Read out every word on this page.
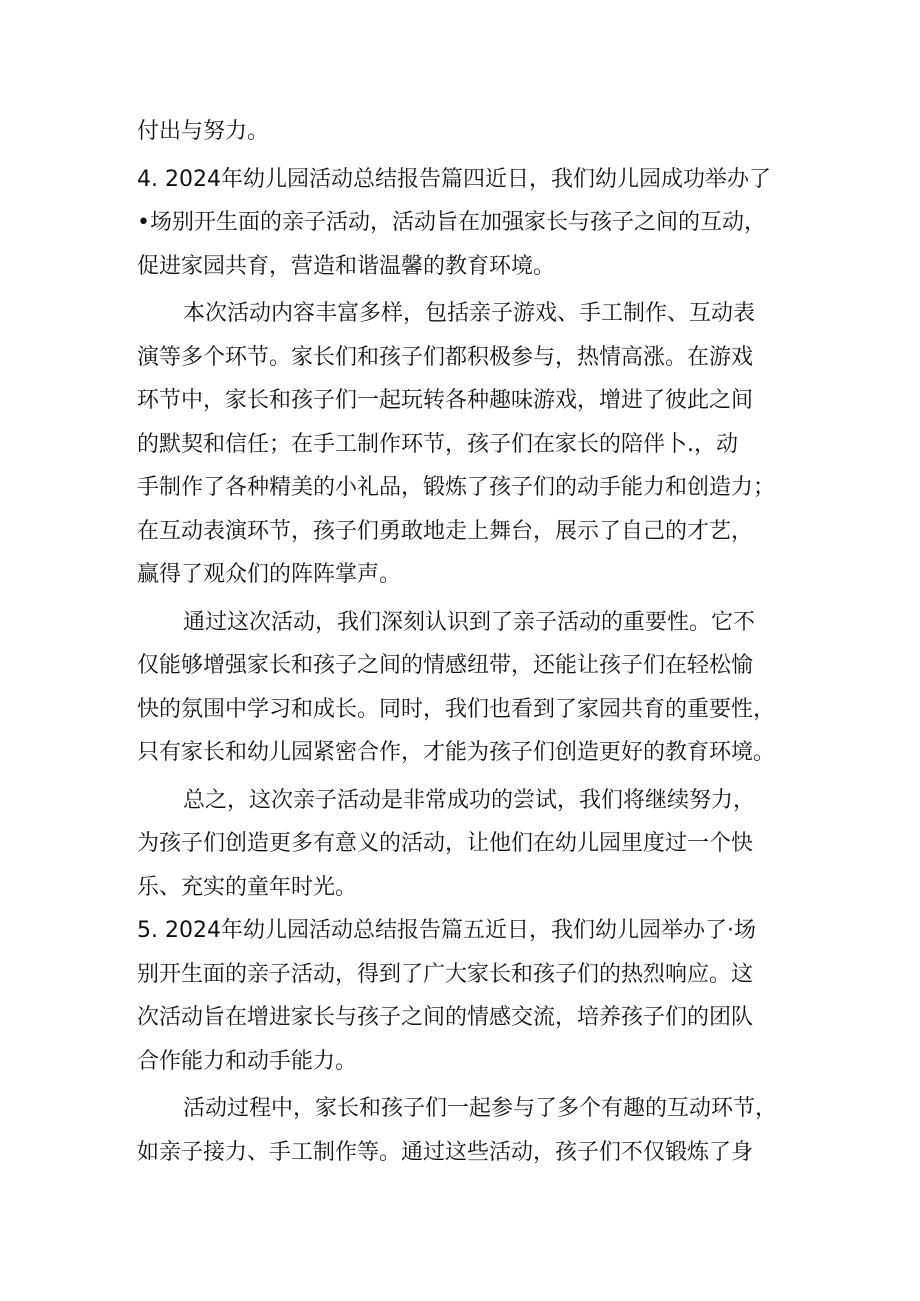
付出与努力。
4. 2024年幼儿园活动总结报告篇四近日，我们幼儿园成功举办了
•场别开生面的亲子活动，活动旨在加强家长与孩子之间的互动，
促进家园共育，营造和谐温馨的教育环境。
本次活动内容丰富多样，包括亲子游戏、手工制作、互动表
演等多个环节。家长们和孩子们都积极参与，热情高涨。在游戏
环节中，家长和孩子们一起玩转各种趣味游戏，增进了彼此之间
的默契和信任；在手工制作环节，孩子们在家长的陪伴卜.，动
手制作了各种精美的小礼品，锻炼了孩子们的动手能力和创造力；
在互动表演环节，孩子们勇敢地走上舞台，展示了自己的才艺，
赢得了观众们的阵阵掌声。
通过这次活动，我们深刻认识到了亲子活动的重要性。它不
仅能够增强家长和孩子之间的情感纽带，还能让孩子们在轻松愉
快的氛围中学习和成长。同时，我们也看到了家园共育的重要性，
只有家长和幼儿园紧密合作，才能为孩子们创造更好的教育环境。
总之，这次亲子活动是非常成功的尝试，我们将继续努力，
为孩子们创造更多有意义的活动，让他们在幼儿园里度过一个快
乐、充实的童年时光。
5. 2024年幼儿园活动总结报告篇五近日，我们幼儿园举办了·场
别开生面的亲子活动，得到了广大家长和孩子们的热烈响应。这
次活动旨在增进家长与孩子之间的情感交流，培养孩子们的团队
合作能力和动手能力。
活动过程中，家长和孩子们一起参与了多个有趣的互动环节，
如亲子接力、手工制作等。通过这些活动，孩子们不仅锻炼了身
